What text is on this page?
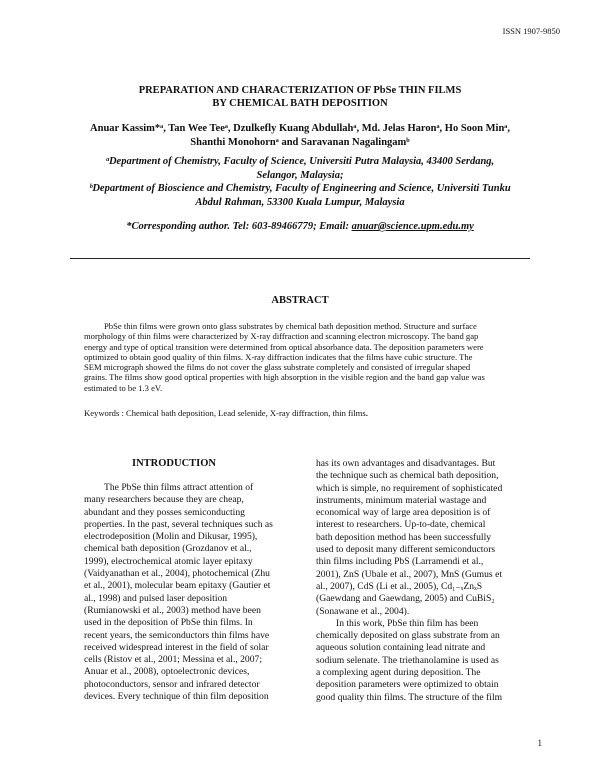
ISSN 1907-9850
PREPARATION AND CHARACTERIZATION OF PbSe THIN FILMS
BY CHEMICAL BATH DEPOSITION
Anuar Kassim*ᵃ, Tan Wee Teeᵃ, Dzulkefly Kuang Abdullahᵃ, Md. Jelas Haronᵃ, Ho Soon Minᵃ,
Shanthi Monohornᵃ and Saravanan Nagalingamᵇ
ᵃDepartment of Chemistry, Faculty of Science, Universiti Putra Malaysia, 43400 Serdang,
Selangor, Malaysia;
ᵇDepartment of Bioscience and Chemistry, Faculty of Engineering and Science, Universiti Tunku
Abdul Rahman, 53300 Kuala Lumpur, Malaysia
*Corresponding author. Tel: 603-89466779; Email: anuar@science.upm.edu.my
ABSTRACT
PbSe thin films were grown onto glass substrates by chemical bath deposition method. Structure and surface
morphology of thin films were characterized by X-ray diffraction and scanning electron microscopy. The band gap
energy and type of optical transition were determined from optical absorbance data. The deposition parameters were
optimized to obtain good quality of thin films. X-ray diffraction indicates that the films have cubic structure. The
SEM micrograph showed the films do not cover the glass substrate completely and consisted of irregular shaped
grains. The films show good optical properties with high absorption in the visible region and the band gap value was
estimated to be 1.3 eV.
Keywords : Chemical bath deposition, Lead selenide, X-ray diffraction, thin films.
INTRODUCTION
The PbSe thin films attract attention of
many researchers because they are cheap,
abundant and they posses semiconducting
properties. In the past, several techniques such as
electrodeposition (Molin and Dikusar, 1995),
chemical bath deposition (Grozdanov et al.,
1999), electrochemical atomic layer epitaxy
(Vaidyanathan et al., 2004), photochemical (Zhu
et al., 2001), molecular beam epitaxy (Gautier et
al., 1998) and pulsed laser deposition
(Rumianowski et al., 2003) method have been
used in the deposition of PbSe thin films. In
recent years, the semiconductors thin films have
received widespread interest in the field of solar
cells (Ristov et al., 2001; Messina et al., 2007;
Anuar et al., 2008), optoelectronic devices,
photoconductors, sensor and infrared detector
devices. Every technique of thin film deposition
has its own advantages and disadvantages. But
the technique such as chemical bath deposition,
which is simple, no requirement of sophisticated
instruments, minimum material wastage and
economical way of large area deposition is of
interest to researchers. Up-to-date, chemical
bath deposition method has been successfully
used to deposit many different semiconductors
thin films including PbS (Larramendi et al.,
2001), ZnS (Ubale et al., 2007), MnS (Gumus et
al., 2007), CdS (Li et al., 2005), Cd₁₋ₓZnₓS
(Gaewdang and Gaewdang, 2005) and CuBiS₂
(Sonawane et al., 2004).
In this work, PbSe thin film has been
chemically deposited on glass substrate from an
aqueous solution containing lead nitrate and
sodium selenate. The triethanolamine is used as
a complexing agent during deposition. The
deposition parameters were optimized to obtain
good quality thin films. The structure of the film
1
